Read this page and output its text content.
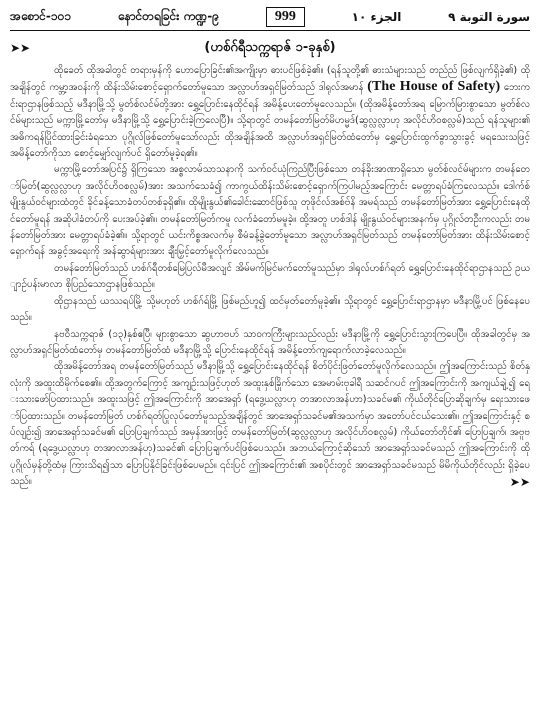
အစောင်-၁၀၁	နောင်တရခြင်း ကဏ္ဍ-၉	999	الجزء ١٠	سورة التوبة ٩
➤➤	(ဟစ်ဂ်ရီသက္ကရာဇ် ၁-ခုနှစ်)

ထိုခေတ် ထိုအခါတွင် တရားမှန်ကို ဟောပြောခြင်း၏အကျိုးမှာ ဓားပင်ဖြစ်ခဲ့၏။ (ရန်သူတို့၏ ဓားသံများသည် တည်ည် ဖြစ်လျက်ရှိခဲ့၏) ထိုအချိန်တွင် ကမ္ဘာ့အဝန်းကို ထိန်းသိမ်းစောင့်ရှောက်တော်မူသော အလ္လာဟ်အရှင်မြတ်သည် ဒါရုလ်အမာန် (The House of Safety) ဘေးကင်းရာဌာနဖြစ်သည့် မဒီနာမြို့သို့ မွတ်စ်လင်မ်တို့အား ရွှေ့ပြောင်းနေထိုင်ရန် အမိန့်ပေးတော်မူလေသည်။ (ထိုအမိန့်တော်အရ မြောက်မြားစွာသော မွတ်စ်လင်မ်များသည် မက္ကာမြို့တော်မှ မဒီနာမြို့သို့ ရွှေ့ပြောင်းခဲ့ကြလေပြီ)။ သို့ရာတွင် တမန်တော်မြတ်မိဟမ္မဒ်(ဆွလ္လလ္လာဟု အလိုင်ဟိဝစလ္လမ်)သည် ရန်သူများ၏ အဓိကရန်ပြိုင်ထားခြင်းခံရသော ပုဂ္ဂိုလ်ဖြစ်တော်မူသော်လည်း ထိုအချိန်အထိ အလ္လာဟ်အရှင်မြတ်ထံတော်မှ ရွှေ့ပြောင်းထွက်ခွာသွားခွင့် မရသေးသဖြင့် အမိန့်တော်ကိုသာ စောင့်မျှော်လျက်ပင် ရှိတော်မူခဲ့ရ၏။

မက္ကာမြို့တော်အပြင်၌ ရှိကြသော အစ္စလာမ်သာသနာကို သက်ဝင်ယုံကြည်ပြီးဖြစ်သော တန်ခိုးအာဏာရှိသော မွတ်စ်လင်မ်များက တမန်တော်မြတ်(ဆွလ္လလ္လာဟု အလိုင်ဟိဝစလ္လမ်)အား အသက်သေခံ၍ ကာကွယ်ထိန်းသိမ်းစောင့်ရှောက်ကြပါမည့်အကြောင်း မေတ္တာရပ်ခံကြလေသည်။ ဒေါက်စ် မျိုးနွယ်ဝင်များထံတွင် ခိုင်ခန့်သောခံတပ်တစ်ခုရှိ၏။ ထိုမျိုးနွယ်၏ခေါင်းဆောင်ဖြစ်သူ တုဖိုင်လ်အစ်ဗ်နိ အမရ်သည် တမန်တော်မြတ်အား ရွှေ့ပြောင်းနေထိုင်တော်မူရန် အဆိုပါခံတပ်ကို ပေးအပ်ခဲ့၏။ တမန်တော်မြတ်ကမူ လက်ခံတော်မမူခဲ့။ ထို့အတူ ဟစ်ဒါန် မျိုးနွယ်ဝင်များအနက်မှ ပုဂ္ဂိုလ်တဦးကလည်း တမန်တော်မြတ်အား မေတ္တာရပ်ခံခဲ့၏။ သို့ရာတွင် ယင်းကိစ္စအလက်မှ စီမံခန့်ခွဲတော်မူသော အလ္လာဟ်အရှင်မြတ်သည် တမန်တော်မြတ်အား ထိန်းသိမ်းစောင့်ရှောက်ရန် အခွင့်အရေးကို အန်ဆွာရ်များအား ချီးမြှင့်တော်မူလိုက်လေသည်။

တမန်တော်မြတ်သည် ဟစ်ဂ်ရီတစ်မြေပြလ်မီအလျင် အိမ်မက်မြင်မက်တော်မူသည်မှာ ဒါရုလ်ဟစ်ဂ်ရတ် ရွှေ့ပြောင်းနေထိုင်ရာဌာနသည် ဥယျာဉ်ပန်းမာလာ စိုပြည်သောဌာနဖြစ်သည်။

ထိုဌာနသည် ယဿရပ်မြို့ သို့မဟုတ် ဟစ်ဂ်ရ်မြို့ ဖြစ်မည်ဟူ၍ ထင်မှတ်တော်မူခဲ့၏။ သို့ရာတွင် ရွှေ့ပြောင်းရာဌာနမှာ မဒီနာမြို့ပင် ဖြစ်နေပေသည်။

နဗဝီသက္ကရာဇ် (၁၃)နှစ်ဧပြီ၊ များစွာသော ဆွဟာဗဟ် သာဝကကြီးများသည်လည်း မဒီနာမြို့ကို ရွှေ့ပြောင်းသွားကြပေပြီ။ ထိုအခါတွင်မှ အလ္လာဟ်အရှင်မြတ်ထံတော်မှ တမန်တော်မြတ်ထံ မဒီနာမြို့သို့ ပြောင်းနေထိုင်ရန် အမိန့်တော်ကျရောက်လာခဲ့လေသည်။

ထိုအမိန့်တော်အရ တမန်တော်မြတ်သည် မဒီနာမြို့သို့ ရွှေ့ပြောင်းနေထိုင်ရန် စိတ်ပိုင်းဖြတ်တော်မူလိုက်လေသည်။ ဤအကြောင်းသည် စိတ်နှလုံးကို အထူးထိမိုက်စေ၏။ ထို့အတွက်ကြောင့် အကျဉ်းသဖြင့်ဟုတ် အထူးနှစ်ခြိုက်သော အေမာမ်းဗုခါရီ သဆင်ဂပင် ဤအကြောင်းကို အကျယ်ချဲ့၍ ရေးသားဖော်ပြထားသည်။ အထူးသဖြင့် ဤအကြောင်းကို အာအေရှာ် (ရဒွေ့ယလ္လာဟု တအာလာအန်ဟာ)သခင်မ၏ ကိုယ်တိုင်ပြောဆိုချက်မှ ရေးသားဖော်ပြထားသည်။ တမန်တော်မြတ် ဟစ်ဂ်ရတ်ပြုလုပ်တော်မူသည့်အချိန်တွင် အာအေရှာ်သခင်မ၏အသက်မှာ အတော်ပင်ငယ်သေး၏။ ဤအကြောင်းနှင့် စပ်လျဉ်း၍ အာအေရှာ်သခင်မ၏ ပြောပြချက်သည် အမှန်အားဖြင့် တမန်တော်မြတ်(ဆွလ္လလ္လာဟု အလိုင်ဟိဝစလ္လမ်) ကိုယ်တော်တိုင်၏ ပြောပြချက်၊ အဗူဗတ်ကရ် (ရဒွေ့ယလ္လာဟု တအာလာအန်ဟု)သခင်၏ ပြောပြချက်ပင်ဖြစ်ပေသည်။ အဘယ်ကြောင့်ဆိုသော် အာအေရှာ်သခင်မသည် ဤအကြောင်းကို ထိုပုဂ္ဂိုလ်မှန်တို့ထံမှ ကြားသိရ၍သာ ပြောပြနိုင်ခြင်းဖြစ်ပေမည်။ ၎င်းပြင် ဤအကြောင်း၏ အစပိုင်းတွင် အာအေရှာ်သခင်မသည် မိမိကိုယ်တိုင်လည်း ရှိခဲ့ပေသည်။	➤➤
